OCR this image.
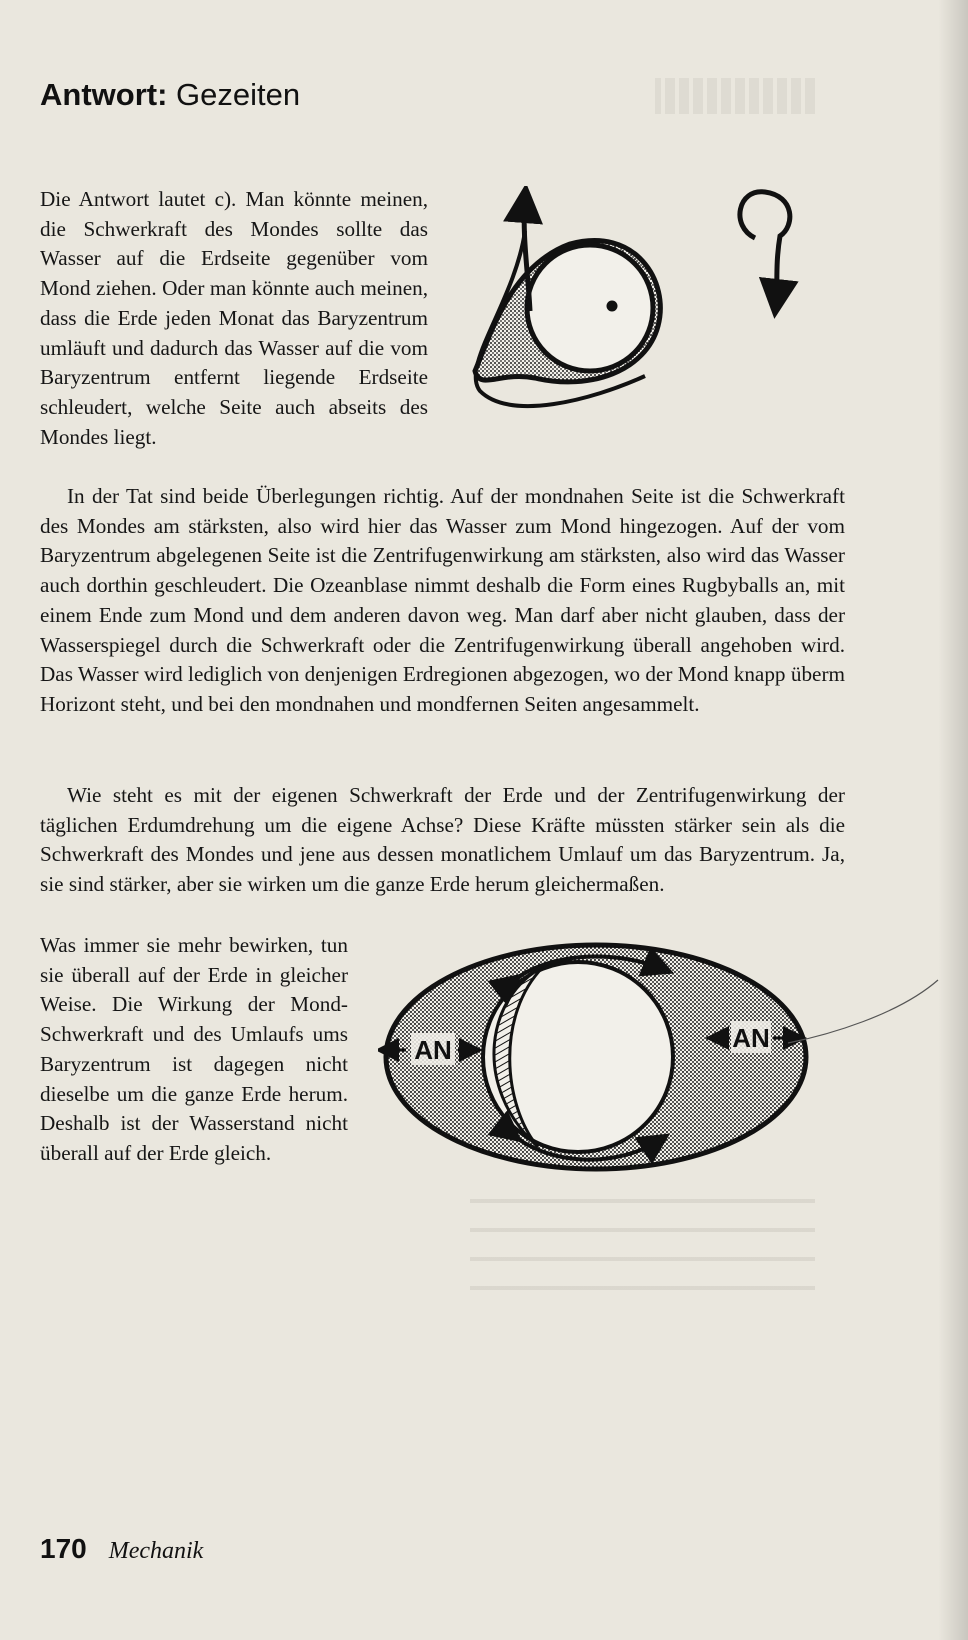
Antwort: Gezeiten

Die Antwort lautet c). Man könnte meinen, die Schwerkraft des Mondes sollte das Wasser auf die Erdseite gegenüber vom Mond ziehen. Oder man könnte auch meinen, dass die Erde jeden Monat das Baryzentrum umläuft und dadurch das Wasser auf die vom Baryzentrum entfernt liegende Erdseite schleudert, welche Seite auch abseits des Mondes liegt.

In der Tat sind beide Überlegungen richtig. Auf der mondnahen Seite ist die Schwerkraft des Mondes am stärksten, also wird hier das Wasser zum Mond hingezogen. Auf der vom Baryzentrum abgelegenen Seite ist die Zentrifugenwirkung am stärksten, also wird das Wasser auch dorthin geschleudert. Die Ozeanblase nimmt deshalb die Form eines Rugbyballs an, mit einem Ende zum Mond und dem anderen davon weg. Man darf aber nicht glauben, dass der Wasserspiegel durch die Schwerkraft oder die Zentrifugenwirkung überall angehoben wird. Das Wasser wird lediglich von denjenigen Erdregionen abgezogen, wo der Mond knapp überm Horizont steht, und bei den mondnahen und mondfernen Seiten angesammelt.

Wie steht es mit der eigenen Schwerkraft der Erde und der Zentrifugenwirkung der täglichen Erdumdrehung um die eigene Achse? Diese Kräfte müssten stärker sein als die Schwerkraft des Mondes und jene aus dessen monatlichem Umlauf um das Baryzentrum. Ja, sie sind stärker, aber sie wirken um die ganze Erde herum gleichermaßen.

Was immer sie mehr bewirken, tun sie überall auf der Erde in gleicher Weise. Die Wirkung der Mond-Schwerkraft und des Umlaufs ums Baryzentrum ist dagegen nicht dieselbe um die ganze Erde herum. Deshalb ist der Wasserstand nicht überall auf der Erde gleich.

AN	AN
170 Mechanik
